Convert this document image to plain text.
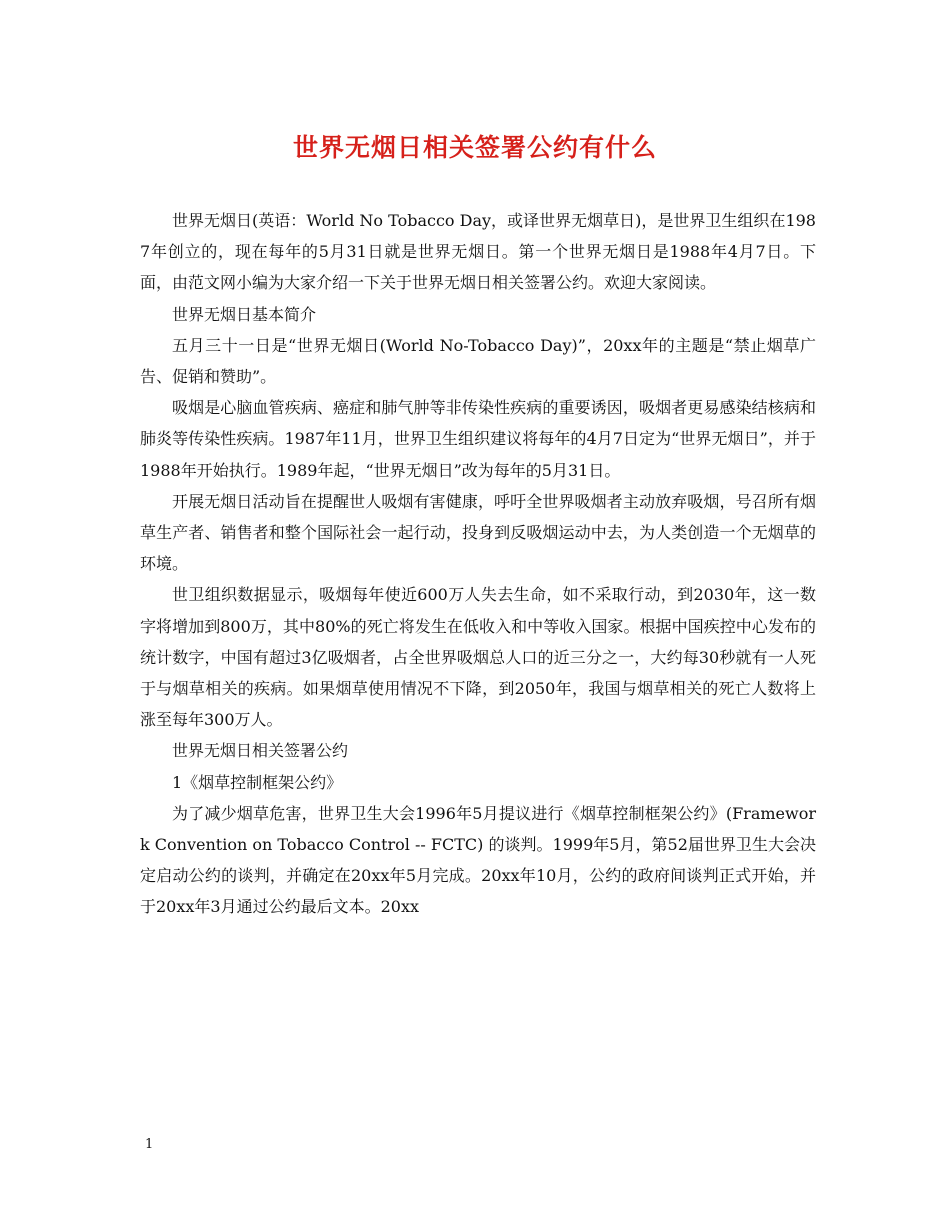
世界无烟日相关签署公约有什么

世界无烟日(英语：World No Tobacco Day，或译世界无烟草日)，是世界卫生组织在1987年创立的，现在每年的5月31日就是世界无烟日。第一个世界无烟日是1988年4月7日。下面，由范文网小编为大家介绍一下关于世界无烟日相关签署公约。欢迎大家阅读。

世界无烟日基本简介

五月三十一日是“世界无烟日(World No-Tobacco Day)”，20xx年的主题是“禁止烟草广告、促销和赞助”。

吸烟是心脑血管疾病、癌症和肺气肿等非传染性疾病的重要诱因，吸烟者更易感染结核病和肺炎等传染性疾病。1987年11月，世界卫生组织建议将每年的4月7日定为“世界无烟日”，并于1988年开始执行。1989年起，“世界无烟日”改为每年的5月31日。

开展无烟日活动旨在提醒世人吸烟有害健康，呼吁全世界吸烟者主动放弃吸烟，号召所有烟草生产者、销售者和整个国际社会一起行动，投身到反吸烟运动中去，为人类创造一个无烟草的环境。

世卫组织数据显示，吸烟每年使近600万人失去生命，如不采取行动，到2030年，这一数字将增加到800万，其中80%的死亡将发生在低收入和中等收入国家。根据中国疾控中心发布的统计数字，中国有超过3亿吸烟者，占全世界吸烟总人口的近三分之一，大约每30秒就有一人死于与烟草相关的疾病。如果烟草使用情况不下降，到2050年，我国与烟草相关的死亡人数将上涨至每年300万人。

世界无烟日相关签署公约

1《烟草控制框架公约》

为了减少烟草危害，世界卫生大会1996年5月提议进行《烟草控制框架公约》(Framework Convention on Tobacco Control -- FCTC) 的谈判。1999年5月，第52届世界卫生大会决定启动公约的谈判，并确定在20xx年5月完成。20xx年10月，公约的政府间谈判正式开始，并于20xx年3月通过公约最后文本。20xx

1
